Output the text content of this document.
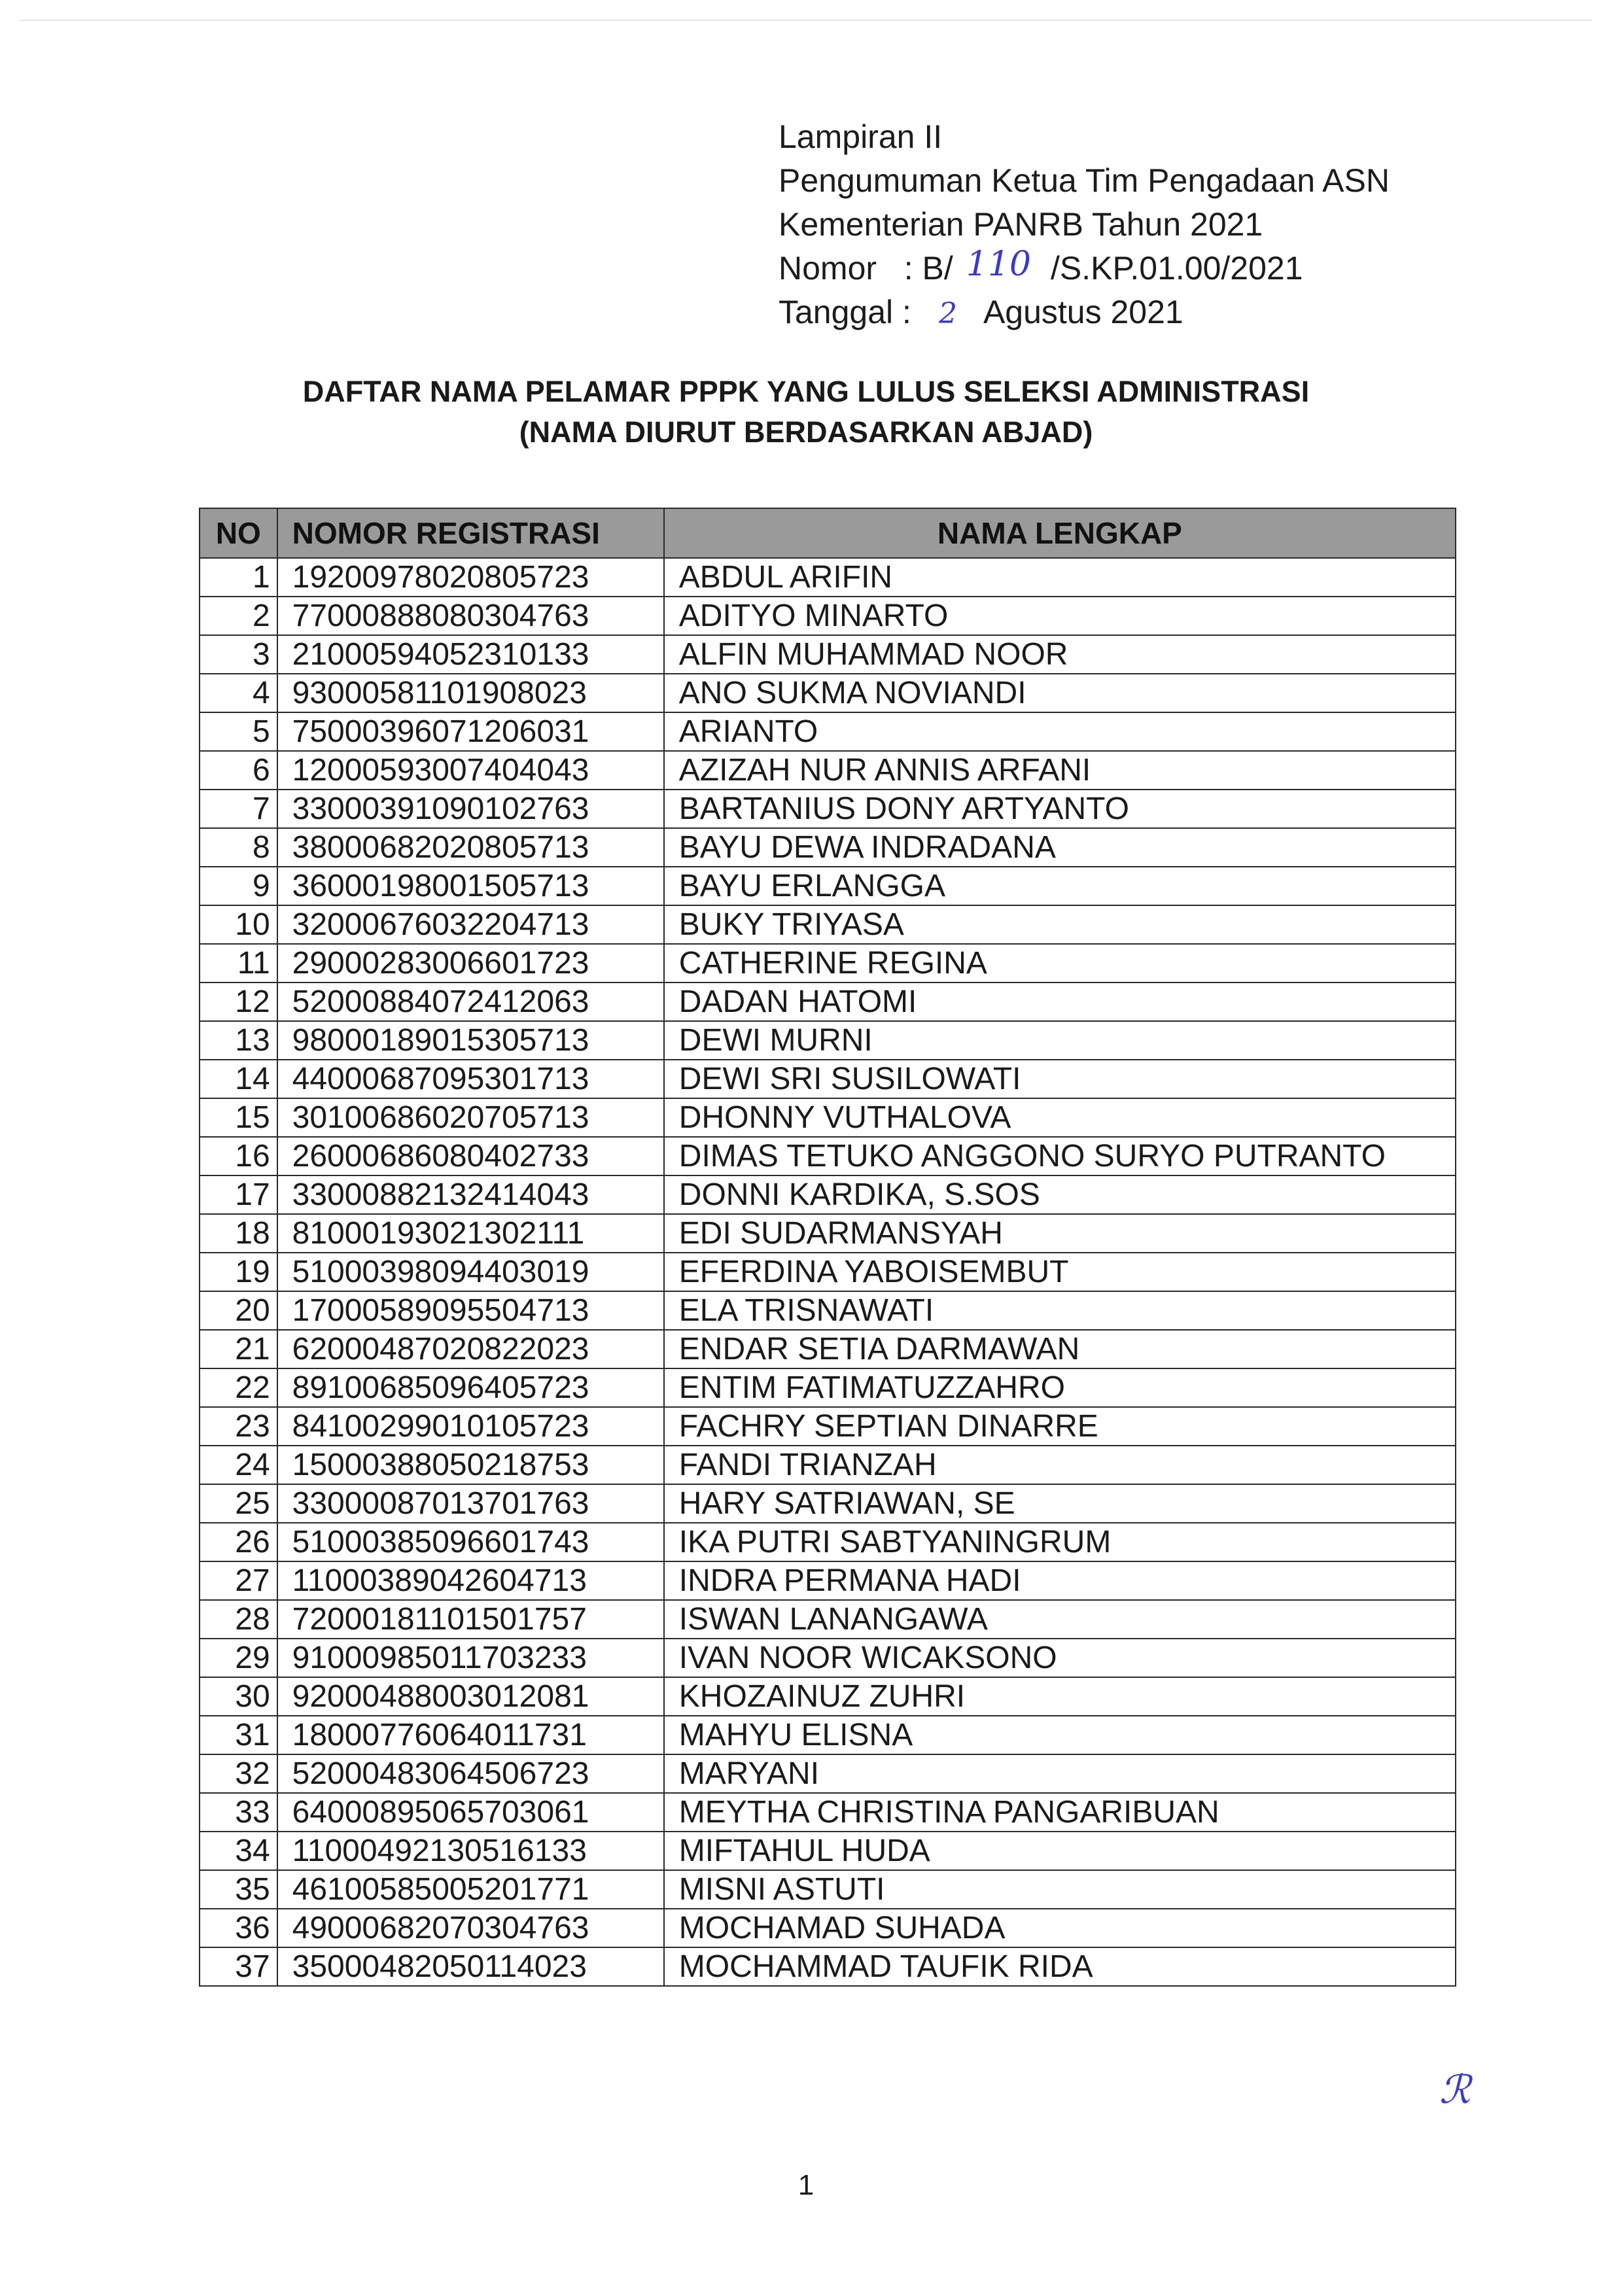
Lampiran II
Pengumuman Ketua Tim Pengadaan ASN
Kementerian PANRB Tahun 2021
Nomor : B/ 110 /S.KP.01.00/2021
Tanggal : 2 Agustus 2021
DAFTAR NAMA PELAMAR PPPK YANG LULUS SELEKSI ADMINISTRASI
(NAMA DIURUT BERDASARKAN ABJAD)
NO	NOMOR REGISTRASI	NAMA LENGKAP
1	19200978020805723	ABDUL ARIFIN
2	77000888080304763	ADITYO MINARTO
3	21000594052310133	ALFIN MUHAMMAD NOOR
4	93000581101908023	ANO SUKMA NOVIANDI
5	75000396071206031	ARIANTO
6	12000593007404043	AZIZAH NUR ANNIS ARFANI
7	33000391090102763	BARTANIUS DONY ARTYANTO
8	38000682020805713	BAYU DEWA INDRADANA
9	36000198001505713	BAYU ERLANGGA
10	32000676032204713	BUKY TRIYASA
11	29000283006601723	CATHERINE REGINA
12	52000884072412063	DADAN HATOMI
13	98000189015305713	DEWI MURNI
14	44000687095301713	DEWI SRI SUSILOWATI
15	30100686020705713	DHONNY VUTHALOVA
16	26000686080402733	DIMAS TETUKO ANGGONO SURYO PUTRANTO
17	33000882132414043	DONNI KARDIKA, S.SOS
18	81000193021302111	EDI SUDARMANSYAH
19	51000398094403019	EFERDINA YABOISEMBUT
20	17000589095504713	ELA TRISNAWATI
21	62000487020822023	ENDAR SETIA DARMAWAN
22	89100685096405723	ENTIM FATIMATUZZAHRO
23	84100299010105723	FACHRY SEPTIAN DINARRE
24	15000388050218753	FANDI TRIANZAH
25	33000087013701763	HARY SATRIAWAN, SE
26	51000385096601743	IKA PUTRI SABTYANINGRUM
27	11000389042604713	INDRA PERMANA HADI
28	72000181101501757	ISWAN LANANGAWA
29	91000985011703233	IVAN NOOR WICAKSONO
30	92000488003012081	KHOZAINUZ ZUHRI
31	18000776064011731	MAHYU ELISNA
32	52000483064506723	MARYANI
33	64000895065703061	MEYTHA CHRISTINA PANGARIBUAN
34	11000492130516133	MIFTAHUL HUDA
35	46100585005201771	MISNI ASTUTI
36	49000682070304763	MOCHAMAD SUHADA
37	35000482050114023	MOCHAMMAD TAUFIK RIDA
ℛ
1
